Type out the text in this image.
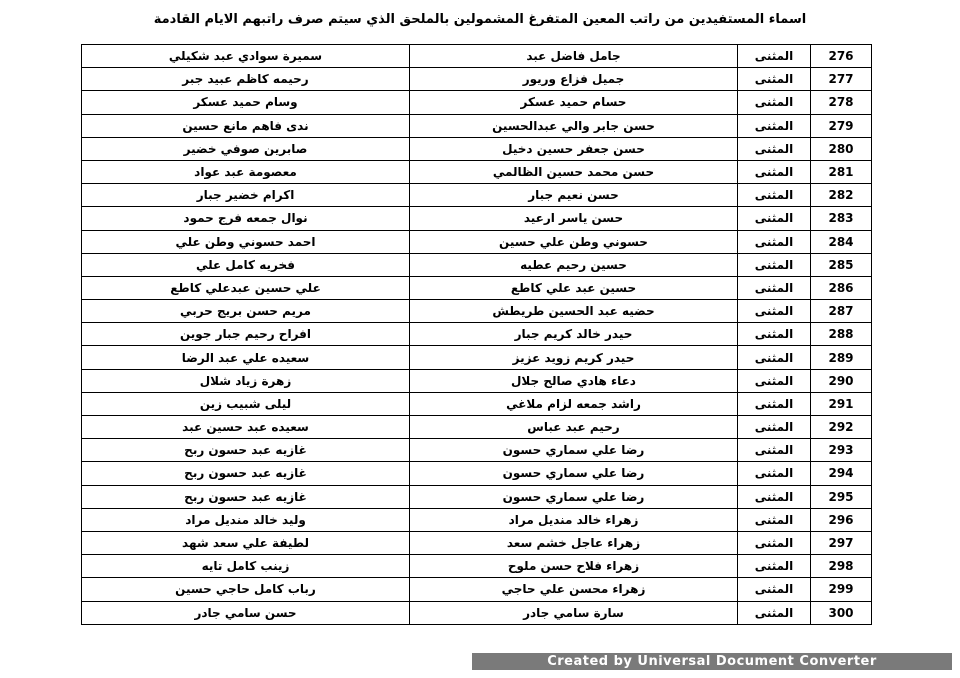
اسماء المستفيدين من راتب المعين المتفرغ المشمولين بالملحق الذي سيتم صرف راتبهم الايام القادمة
276	المثنى	جامل فاضل عبد	سميرة سوادي عبد شكيلي
277	المثنى	جميل فزاع وريور	رحيمه كاظم عبيد جبر
278	المثنى	حسام حميد عسكر	وسام حميد عسكر
279	المثنى	حسن جابر والي عبدالحسين	ندى فاهم مانع حسين
280	المثنى	حسن جعفر حسين دخيل	صابرين صوفي خضير
281	المثنى	حسن محمد حسين الظالمي	معصومة عبد عواد
282	المثنى	حسن نعيم جبار	اكرام خضير جبار
283	المثنى	حسن ياسر ارعيد	نوال جمعه فرج حمود
284	المثنى	حسوني وطن علي حسين	احمد حسوني وطن علي
285	المثنى	حسين رحيم عطيه	فخريه كامل علي
286	المثنى	حسين عبد علي كاطع	علي حسين عبدعلي كاطع
287	المثنى	حضيه عبد الحسين طريطش	مريم حسن بريج حربي
288	المثنى	حيدر خالد كريم جبار	افراح رحيم جبار جوين
289	المثنى	حيدر كريم زويد عزيز	سعيده علي عبد الرضا
290	المثنى	دعاء هادي صالح جلال	زهرة زياد شلال
291	المثنى	راشد جمعه لزام ملاغي	ليلى شبيب زين
292	المثنى	رحيم عبد عباس	سعيده عبد حسين عبد
293	المثنى	رضا علي سماري حسون	غازيه عبد حسون ربح
294	المثنى	رضا علي سماري حسون	غازيه عبد حسون ربح
295	المثنى	رضا علي سماري حسون	غازيه عبد حسون ربح
296	المثنى	زهراء خالد منديل مراد	وليد خالد منديل مراد
297	المثنى	زهراء عاجل خشم سعد	لطيفة علي سعد شهد
298	المثنى	زهراء فلاح حسن ملوح	زينب كامل تايه
299	المثنى	زهراء محسن علي حاجي	رباب كامل حاجي حسين
300	المثنى	سارة سامي جادر	حسن سامي جادر
Created by Universal Document Converter
